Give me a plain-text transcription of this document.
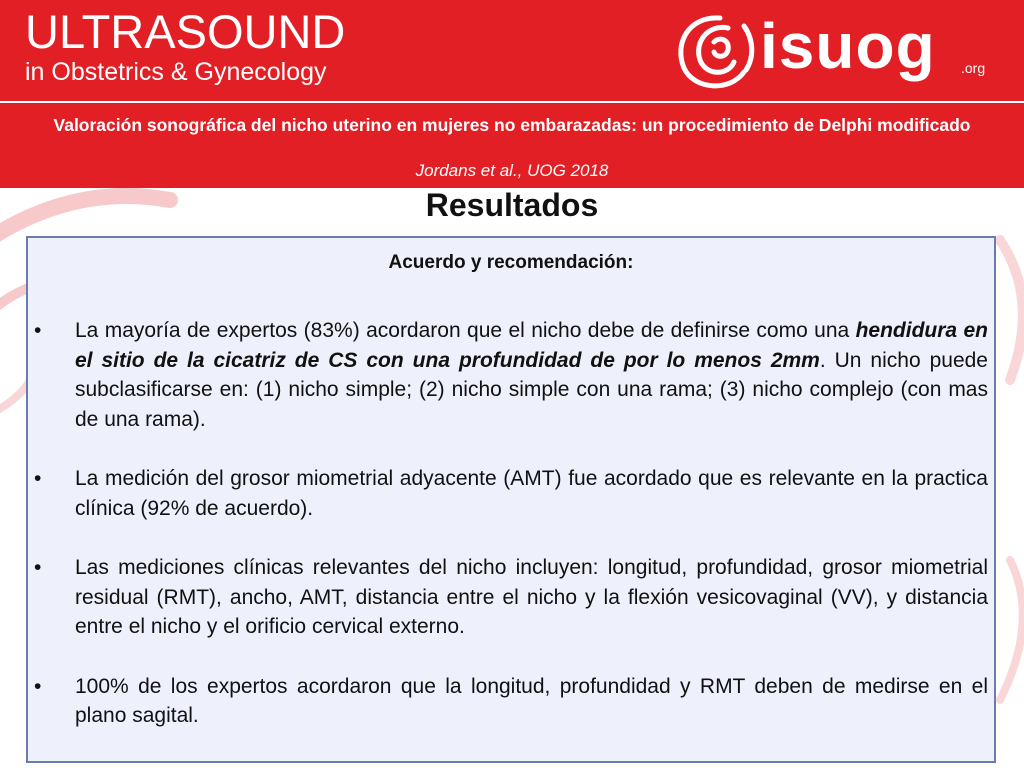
ULTRASOUND
in Obstetrics & Gynecology	isuog .org
Valoración sonográfica del nicho uterino en mujeres no embarazadas: un procedimiento de Delphi modificado
Jordans et al., UOG 2018
Resultados
Acuerdo y recomendación:
• La mayoría de expertos (83%) acordaron que el nicho debe de definirse como una hendidura en el sitio de la cicatriz de CS con una profundidad de por lo menos 2mm. Un nicho puede subclasificarse en: (1) nicho simple; (2) nicho simple con una rama; (3) nicho complejo (con mas de una rama).
• La medición del grosor miometrial adyacente (AMT) fue acordado que es relevante en la practica clínica (92% de acuerdo).
• Las mediciones clínicas relevantes del nicho incluyen: longitud, profundidad, grosor miometrial residual (RMT), ancho, AMT, distancia entre el nicho y la flexión vesicovaginal (VV), y distancia entre el nicho y el orificio cervical externo.
• 100% de los expertos acordaron que la longitud, profundidad y RMT deben de medirse en el plano sagital.
